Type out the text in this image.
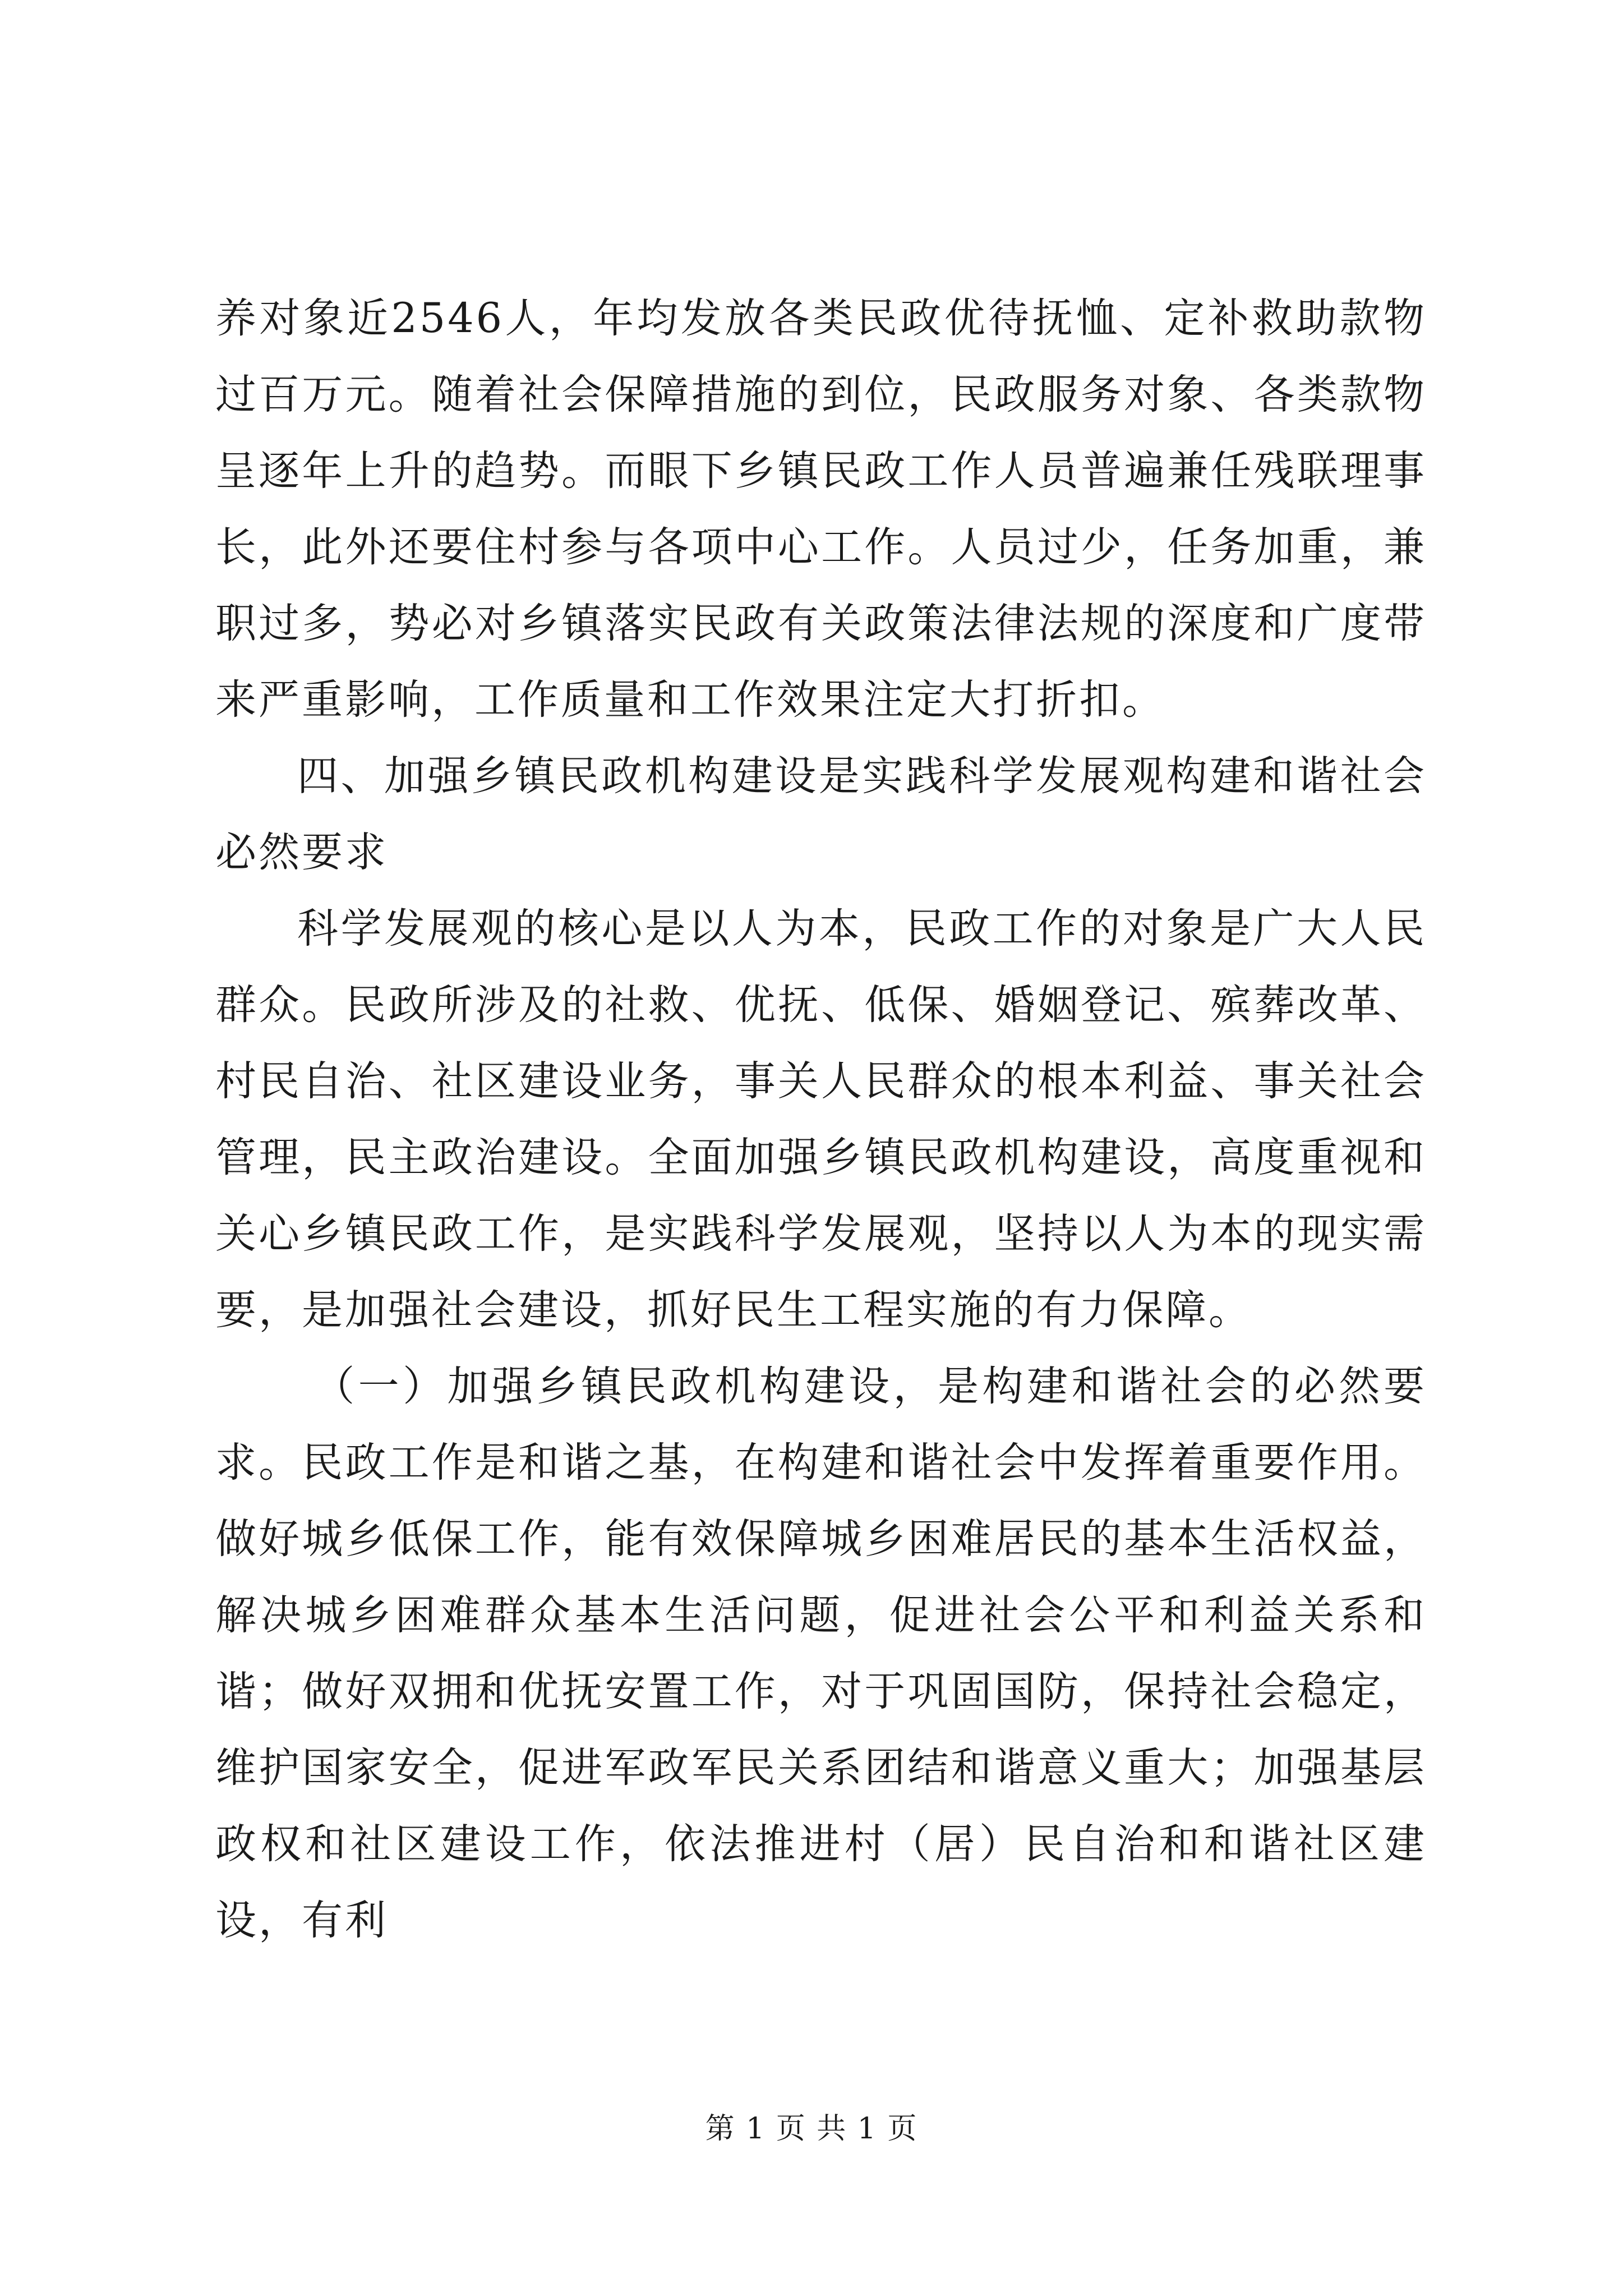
养对象近2546人，年均发放各类民政优待抚恤、定补救助款物过百万元。随着社会保障措施的到位，民政服务对象、各类款物呈逐年上升的趋势。而眼下乡镇民政工作人员普遍兼任残联理事长，此外还要住村参与各项中心工作。人员过少，任务加重，兼职过多，势必对乡镇落实民政有关政策法律法规的深度和广度带来严重影响，工作质量和工作效果注定大打折扣。

四、加强乡镇民政机构建设是实践科学发展观构建和谐社会必然要求

科学发展观的核心是以人为本，民政工作的对象是广大人民群众。民政所涉及的社救、优抚、低保、婚姻登记、殡葬改革、村民自治、社区建设业务，事关人民群众的根本利益、事关社会管理，民主政治建设。全面加强乡镇民政机构建设，高度重视和关心乡镇民政工作，是实践科学发展观，坚持以人为本的现实需要，是加强社会建设，抓好民生工程实施的有力保障。

（一）加强乡镇民政机构建设，是构建和谐社会的必然要求。民政工作是和谐之基，在构建和谐社会中发挥着重要作用。做好城乡低保工作，能有效保障城乡困难居民的基本生活权益，解决城乡困难群众基本生活问题，促进社会公平和利益关系和谐；做好双拥和优抚安置工作，对于巩固国防，保持社会稳定，维护国家安全，促进军政军民关系团结和谐意义重大；加强基层政权和社区建设工作，依法推进村（居）民自治和和谐社区建设，有利

第 1 页 共 1 页
